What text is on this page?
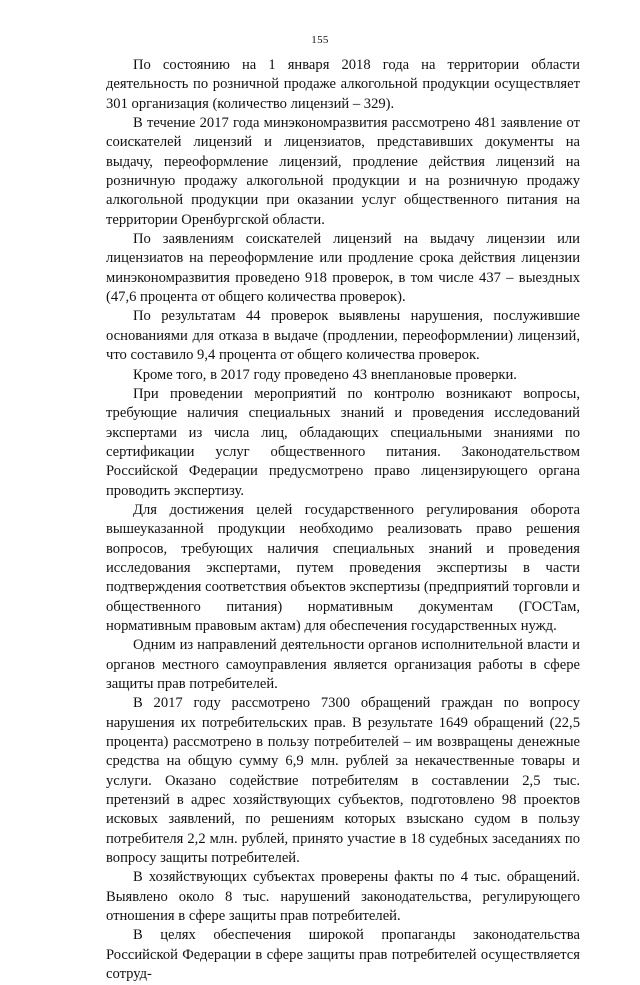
155

По состоянию на 1 января 2018 года на территории области деятельность по розничной продаже алкогольной продукции осуществляет 301 организация (количество лицензий – 329).

В течение 2017 года минэкономразвития рассмотрено 481 заявление от соискателей лицензий и лицензиатов, представивших документы на выдачу, переоформление лицензий, продление действия лицензий на розничную продажу алкогольной продукции и на розничную продажу алкогольной продукции при оказании услуг общественного питания на территории Оренбургской области.

По заявлениям соискателей лицензий на выдачу лицензии или лицензиатов на переоформление или продление срока действия лицензии минэкономразвития проведено 918 проверок, в том числе 437 – выездных (47,6 процента от общего количества проверок).

По результатам 44 проверок выявлены нарушения, послужившие основаниями для отказа в выдаче (продлении, переоформлении) лицензий, что составило 9,4 процента от общего количества проверок.

Кроме того, в 2017 году проведено 43 внеплановые проверки.

При проведении мероприятий по контролю возникают вопросы, требующие наличия специальных знаний и проведения исследований экспертами из числа лиц, обладающих специальными знаниями по сертификации услуг общественного питания. Законодательством Российской Федерации предусмотрено право лицензирующего органа проводить экспертизу.

Для достижения целей государственного регулирования оборота вышеуказанной продукции необходимо реализовать право решения вопросов, требующих наличия специальных знаний и проведения исследования экспертами, путем проведения экспертизы в части подтверждения соответствия объектов экспертизы (предприятий торговли и общественного питания) нормативным документам (ГОСТам, нормативным правовым актам) для обеспечения государственных нужд.

Одним из направлений деятельности органов исполнительной власти и органов местного самоуправления является организация работы в сфере защиты прав потребителей.

В 2017 году рассмотрено 7300 обращений граждан по вопросу нарушения их потребительских прав. В результате 1649 обращений (22,5 процента) рассмотрено в пользу потребителей – им возвращены денежные средства на общую сумму 6,9 млн. рублей за некачественные товары и услуги. Оказано содействие потребителям в составлении 2,5 тыс. претензий в адрес хозяйствующих субъектов, подготовлено 98 проектов исковых заявлений, по решениям которых взыскано судом в пользу потребителя 2,2 млн. рублей, принято участие в 18 судебных заседаниях по вопросу защиты потребителей.

В хозяйствующих субъектах проверены факты по 4 тыс. обращений. Выявлено около 8 тыс. нарушений законодательства, регулирующего отношения в сфере защиты прав потребителей.

В целях обеспечения широкой пропаганды законодательства Российской Федерации в сфере защиты прав потребителей осуществляется сотруд-
